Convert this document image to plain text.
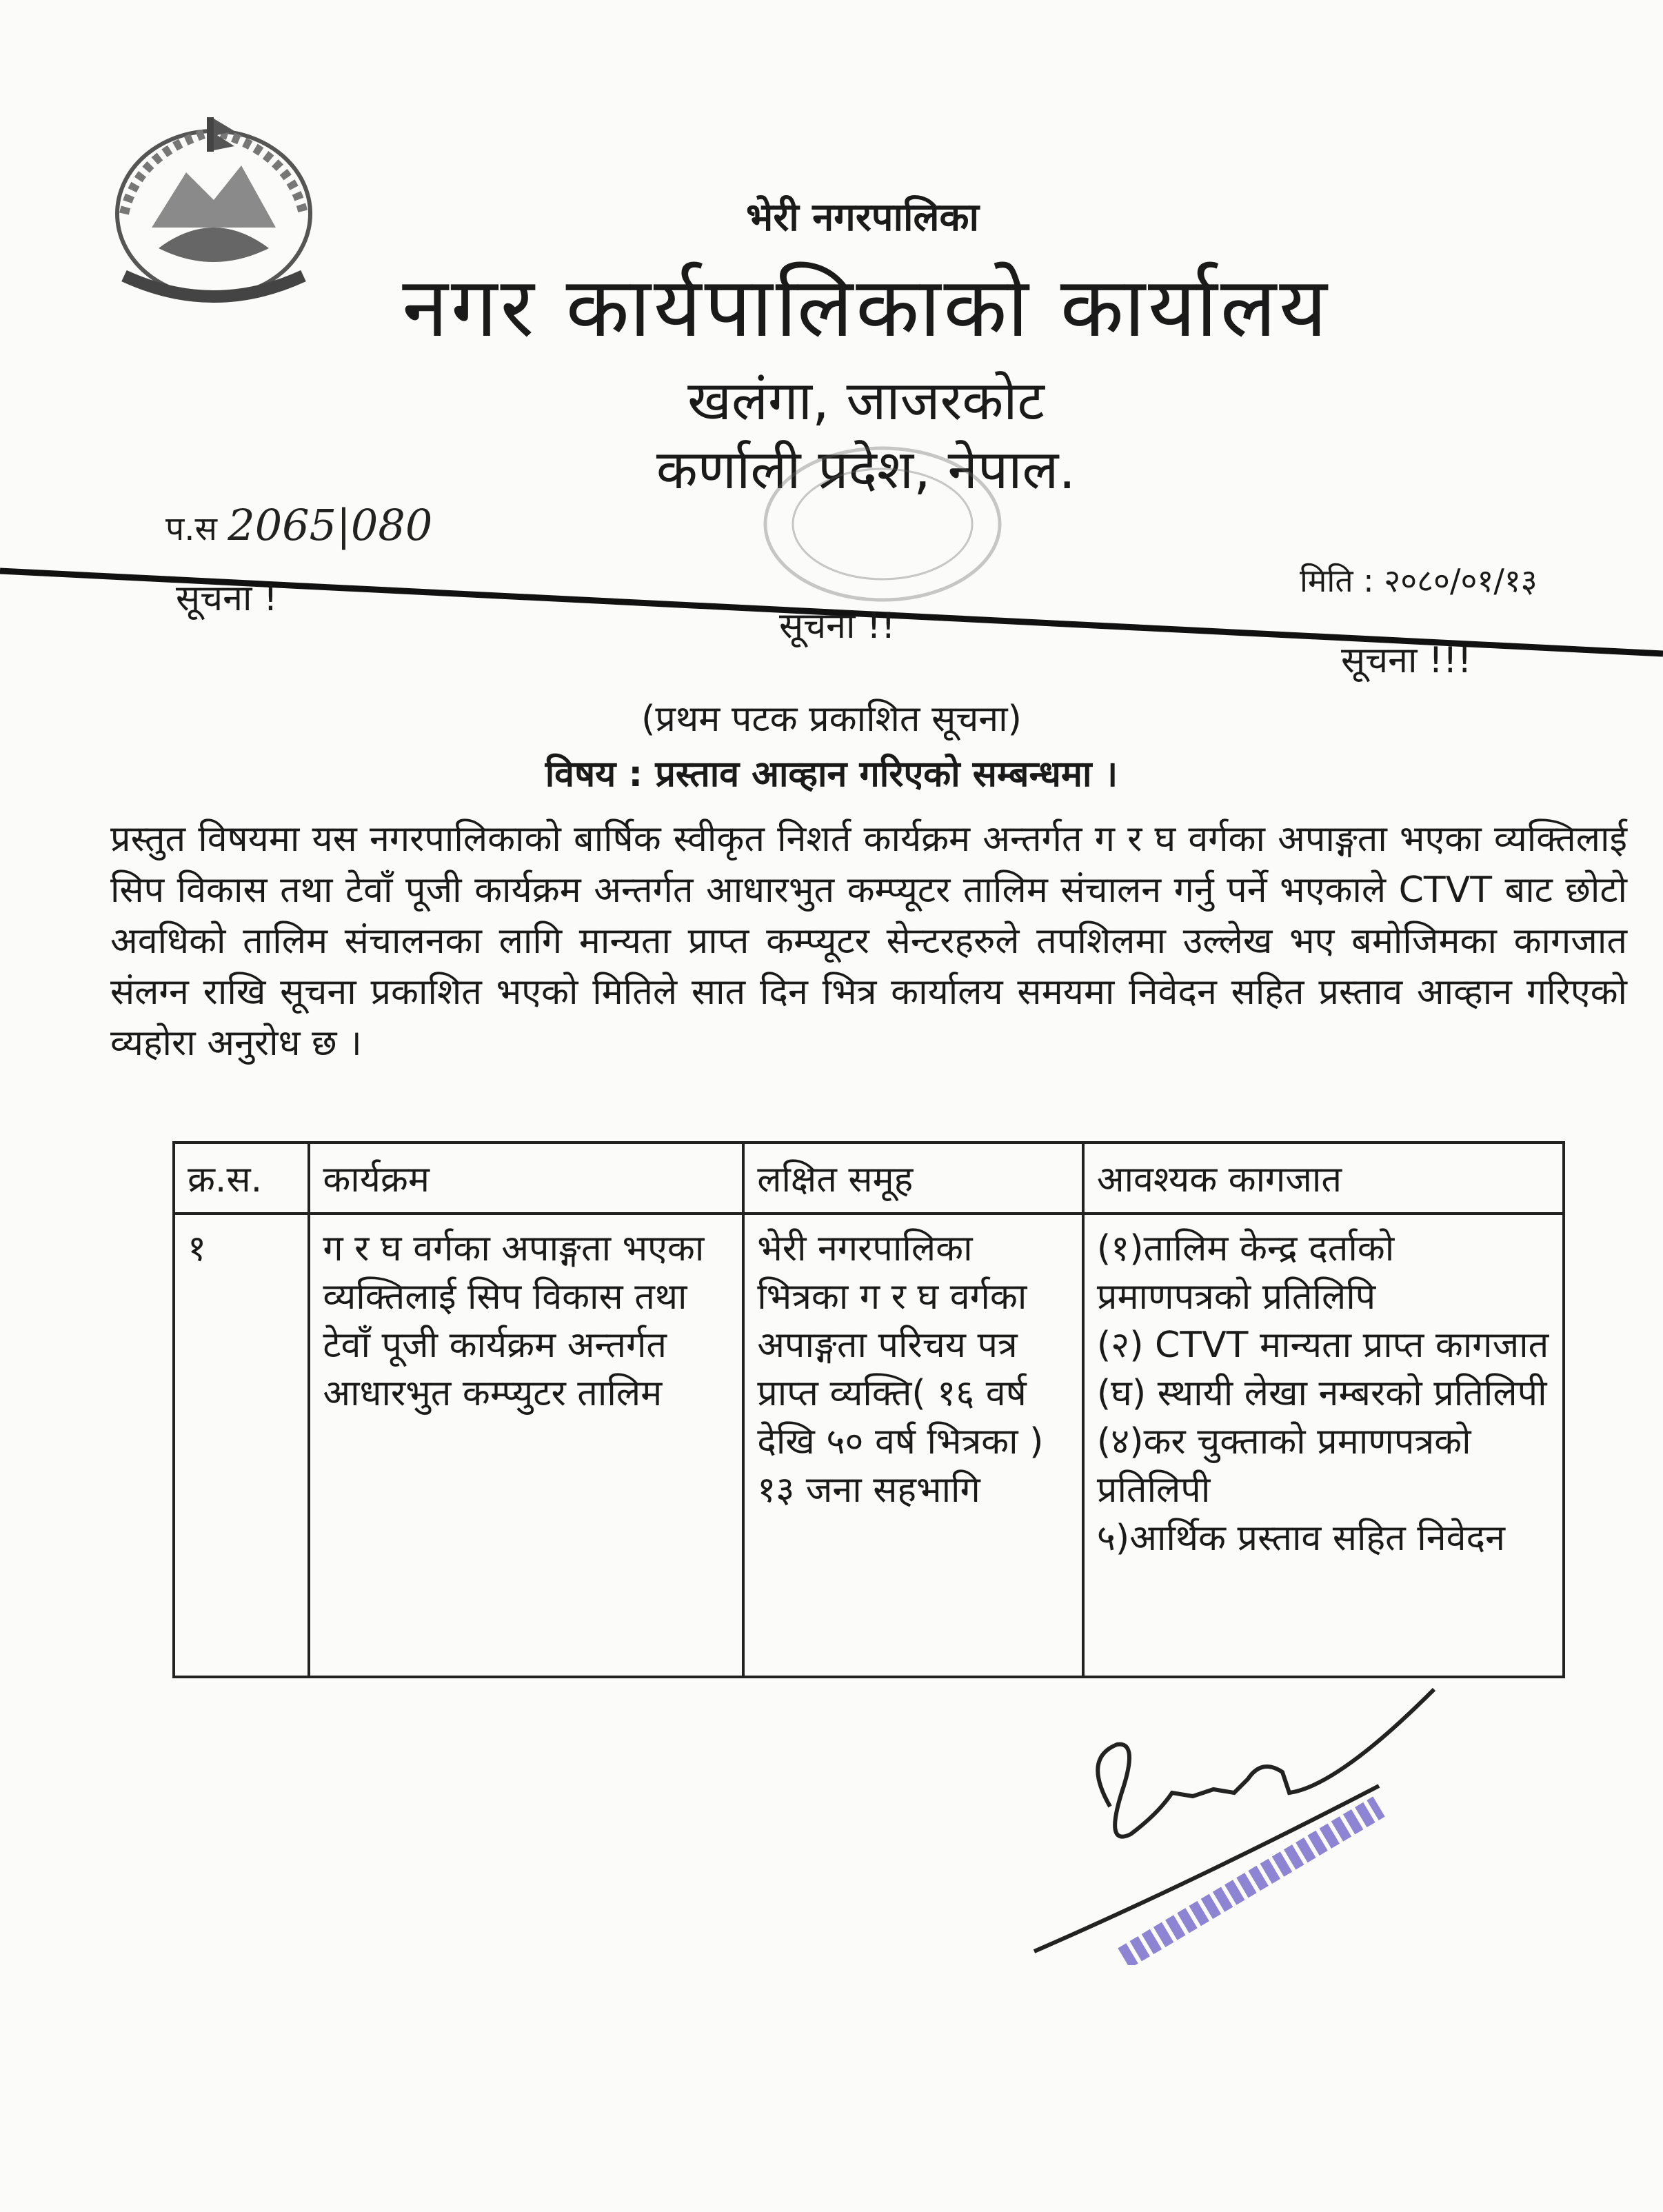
भेरी नगरपालिका
नगर कार्यपालिकाको कार्यालय
खलंगा, जाजरकोट
कर्णाली प्रदेश, नेपाल.
प.स 2065|080
मिति : २०८०/०१/१३
सूचना !
सूचना !!
सूचना !!!
(प्रथम पटक प्रकाशित सूचना)
विषय : प्रस्ताव आव्हान गरिएको सम्बन्धमा ।
प्रस्तुत विषयमा यस नगरपालिकाको बार्षिक स्वीकृत निशर्त कार्यक्रम अन्तर्गत ग र घ वर्गका अपाङ्गता भएका व्यक्तिलाई सिप विकास तथा टेवाँ पूजी कार्यक्रम अन्तर्गत आधारभुत कम्प्यूटर तालिम संचालन गर्नु पर्ने भएकाले CTVT बाट छोटो अवधिको तालिम संचालनका लागि मान्यता प्राप्त कम्प्यूटर सेन्टरहरुले तपशिलमा उल्लेख भए बमोजिमका कागजात संलग्न राखि सूचना प्रकाशित भएको मितिले सात दिन भित्र कार्यालय समयमा निवेदन सहित प्रस्ताव आव्हान गरिएको व्यहोरा अनुरोध छ ।
क्र.स.	कार्यक्रम	लक्षित समूह	आवश्यक कागजात
१	ग र घ वर्गका अपाङ्गता भएका व्यक्तिलाई सिप विकास तथा टेवाँ पूजी कार्यक्रम अन्तर्गत आधारभुत कम्प्युटर तालिम	भेरी नगरपालिका भित्रका ग र घ वर्गका अपाङ्गता परिचय पत्र प्राप्त व्यक्ति( १६ वर्ष देखि ५० वर्ष भित्रका ) १३ जना सहभागि	(१)तालिम केन्द्र दर्ताको प्रमाणपत्रको प्रतिलिपि
(२) CTVT मान्यता प्राप्त कागजात
(घ) स्थायी लेखा नम्बरको प्रतिलिपी
(४)कर चुक्ताको प्रमाणपत्रको प्रतिलिपी
५)आर्थिक प्रस्ताव सहित निवेदन
